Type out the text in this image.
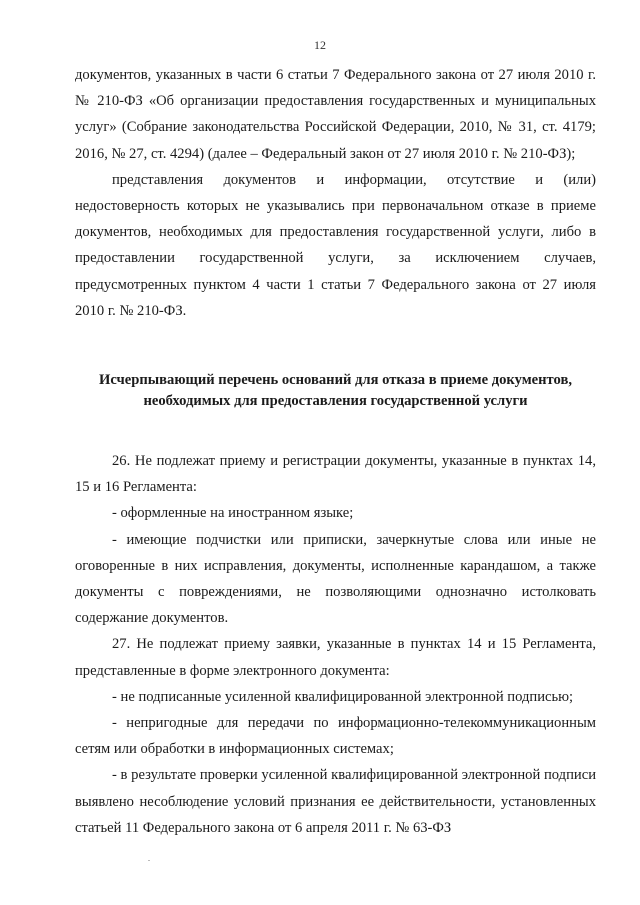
12

документов, указанных в части 6 статьи 7 Федерального закона от 27 июля 2010 г. № 210-ФЗ «Об организации предоставления государственных и муниципальных услуг» (Собрание законодательства Российской Федерации, 2010, № 31, ст. 4179; 2016, № 27, ст. 4294) (далее – Федеральный закон от 27 июля 2010 г. № 210-ФЗ);

представления документов и информации, отсутствие и (или) недостоверность которых не указывались при первоначальном отказе в приеме документов, необходимых для предоставления государственной услуги, либо в предоставлении государственной услуги, за исключением случаев, предусмотренных пунктом 4 части 1 статьи 7 Федерального закона от 27 июля 2010 г. № 210-ФЗ.

Исчерпывающий перечень оснований для отказа в приеме документов,
необходимых для предоставления государственной услуги

26. Не подлежат приему и регистрации документы, указанные в пунктах 14, 15 и 16 Регламента:

- оформленные на иностранном языке;

- имеющие подчистки или приписки, зачеркнутые слова или иные не оговоренные в них исправления, документы, исполненные карандашом, а также документы с повреждениями, не позволяющими однозначно истолковать содержание документов.

27. Не подлежат приему заявки, указанные в пунктах 14 и 15 Регламента, представленные в форме электронного документа:

- не подписанные усиленной квалифицированной электронной подписью;

- непригодные для передачи по информационно-телекоммуникационным сетям или обработки в информационных системах;

- в результате проверки усиленной квалифицированной электронной подписи выявлено несоблюдение условий признания ее действительности, установленных статьей 11 Федерального закона от 6 апреля 2011 г. № 63-ФЗ
